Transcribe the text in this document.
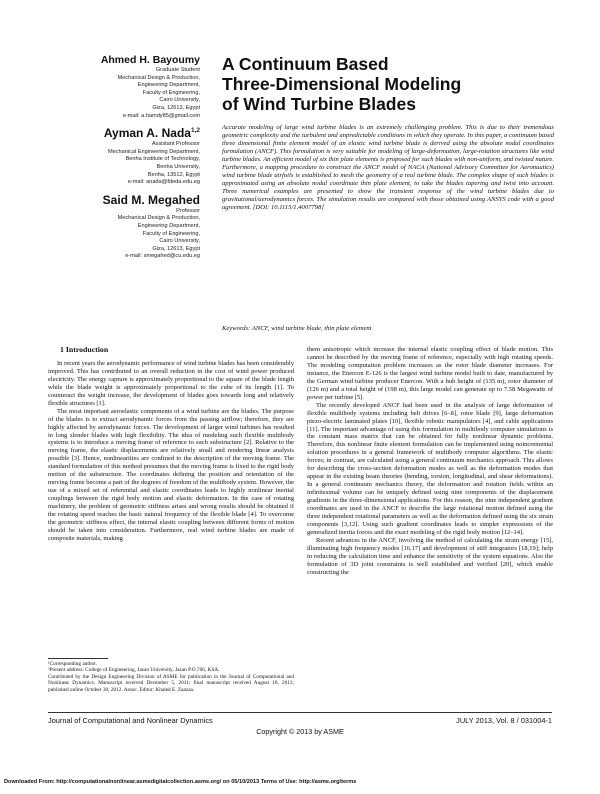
Ahmed H. Bayoumy
Graduate Student
Mechanical Design & Production,
Engineering Department,
Faculty of Engineering,
Cairo University,
Giza, 12613, Egypt
e-mail: a.hamdy85@gmail.com
Ayman A. Nada$^{1,2}$
Assistant Professor
Mechanical Engineering Department,
Benha Institute of Technology,
Benha University,
Benha, 13512, Egypt
e-mail: anada@fdeda.edu.eg
Said M. Megahed
Professor
Mechanical Design & Production,
Engineering Department,
Faculty of Engineering,
Cairo University,
Giza, 12613, Egypt
e-mail: smegahed@cu.edu.eg
A Continuum Based
Three-Dimensional Modeling
of Wind Turbine Blades

Accurate modeling of large wind turbine blades is an extremely challenging problem. This is due to their tremendous geometric complexity and the turbulent and unpredictable conditions in which they operate. In this paper, a continuum based three dimensional finite element model of an elastic wind turbine blade is derived using the absolute nodal coordinates formulation (ANCF). This formulation is very suitable for modeling of large-deformation, large-rotation structures like wind turbine blades. An efficient model of six thin plate elements is proposed for such blades with non-uniform, and twisted nature. Furthermore, a mapping procedure to construct the ANCF model of NACA (National Advisory Committee for Aeronautics) wind turbine blade airfoils is established to mesh the geometry of a real turbine blade. The complex shape of such blades is approximated using an absolute nodal coordinate thin plate element, to take the blades tapering and twist into account. Three numerical examples are presented to show the transient response of the wind turbine blades due to gravitational/aerodynamics forces. The simulation results are compared with those obtained using ANSYS code with a good agreement. [DOI: 10.1115/1.4007798]

Keywords: ANCF, wind turbine blade, thin plate element

1 Introduction

In recent years the aerodynamic performance of wind turbine blades has been considerably improved. This has contributed to an overall reduction in the cost of wind power produced electricity. The energy capture is approximately proportional to the square of the blade length while the blade weight is approximately proportional to the cube of its length [1]. To counteract the weight increase, the development of blades goes towards long and relatively flexible structures [1].

The most important aeroelastic components of a wind turbine are the blades. The purpose of the blades is to extract aerodynamic forces from the passing airflow; therefore, they are highly affected by aerodynamic forces. The development of larger wind turbines has resulted in long slender blades with high flexibility. The idea of modeling such flexible multibody systems is to introduce a moving frame of reference to each substructure [2]. Relative to the moving frame, the elastic displacements are relatively small and rendering linear analysis possible [3]. Hence, nonlinearities are confined to the description of the moving frame. The standard formulation of this method presumes that the moving frame is fixed to the rigid body motion of the substructure. The coordinates defining the position and orientation of the moving frame become a part of the degrees of freedom of the multibody system. However, the use of a mixed set of referential and elastic coordinates leads to highly nonlinear inertial couplings between the rigid body motion and elastic deformation. In the case of rotating machinery, the problem of geometric stiffness arises and wrong results should be obtained if the rotating speed reaches the basic natural frequency of the flexible blade [4]. To overcome the geometric stiffness effect, the internal elastic coupling between different forms of motion should be taken into consideration. Furthermore, real wind turbine blades are made of composite materials, making

them anisotropic which increase the internal elastic coupling effect of blade motion. This cannot be described by the moving frame of reference, especially with high rotating speeds. The modeling computation problem increases as the rotor blade diameter increases. For instance, the Enercon E-126 is the largest wind turbine model built to date, manufactured by the German wind turbine producer Enercon. With a hub height of (135 m), rotor diameter of (126 m) and a total height of (198 m), this large model can generate up to 7.58 Megawatts of power per turbine [5].

The recently developed ANCF had been used in the analysis of large deformation of flexible multibody systems including belt drives [6–8], rotor blade [9], large deformation piezo-electric laminated plates [10], flexible robotic manipulators [4], and cable applications [11]. The important advantage of using this formulation in multibody computer simulations is the constant mass matrix that can be obtained for fully nonlinear dynamic problems. Therefore, this nonlinear finite element formulation can be implemented using noincremental solution procedures in a general framework of multibody computer algorithms. The elastic forces; in contrast, are calculated using a general continuum mechanics approach. This allows for describing the cross-section deformation modes as well as the deformation modes that appear in the existing beam theories (bending, torsion, longitudinal, and shear deformations). In a general continuum mechanics theory, the deformation and rotation fields within an infinitesimal volume can be uniquely defined using nine components of the displacement gradients in the three-dimensional applications. For this reason, the nine independent gradient coordinates are used in the ANCF to describe the large rotational motion defined using the three independent rotational parameters as well as the deformation defined using the six strain components [3,12]. Using such gradient coordinates leads to simpler expressions of the generalized inertia forces and the exact modeling of the rigid body motion [12–14].

Recent advances in the ANCF, involving the method of calculating the strain energy [15], illuminating high frequency modes [16,17] and development of stiff integrators [18,19]; help in reducing the calculation time and enhance the sensitivity of the system equations. Also the formulation of 3D joint constraints is well established and verified [20], which enable constructing the

¹Corresponding author.

²Present address: College of Engineering, Jazan University, Jazan P.O.706, KSA.

Contributed by the Design Engineering Division of ASME for publication in the Journal of Computational and Nonlinear Dynamics. Manuscript received December 5, 2011; final manuscript received August 18, 2012; published online October 30, 2012. Assoc. Editor: Khaled E. Zaazaa.

Journal of Computational and Nonlinear Dynamics	JULY 2013, Vol. 8 / 031004-1
Copyright © 2013 by ASME
Downloaded From: http://computationalnonlinear.asmedigitalcollection.asme.org/ on 05/10/2013 Terms of Use: http://asme.org/terms
